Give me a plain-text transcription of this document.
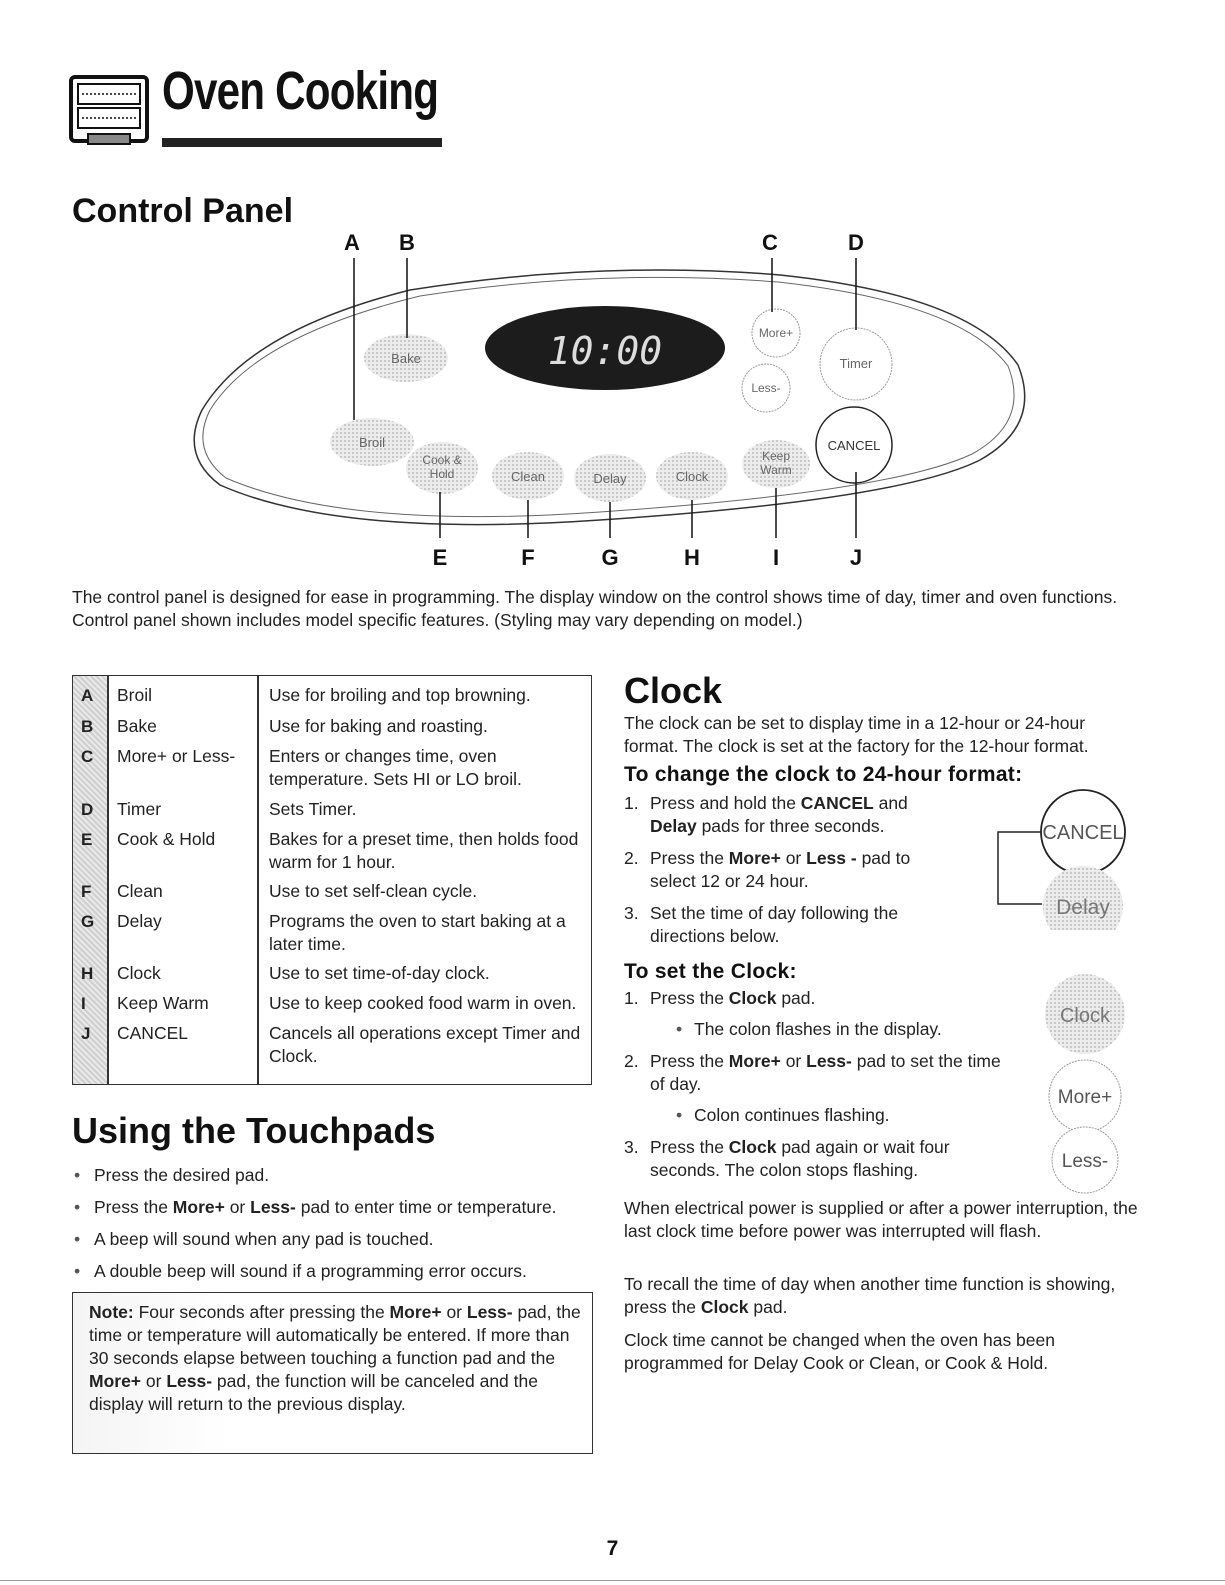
Oven Cooking
Control Panel
10:00
Bake
Broil
More+
Less-
Timer
CANCEL
Cook &
Hold	Clean	Delay	Clock
Keep
Warm
A B	C	D
E	F	G	H	I	J
The control panel is designed for ease in programming. The display window on the control shows time of day, timer and oven functions. Control panel shown includes model specific features. (Styling may vary depending on model.)
A	Broil	Use for broiling and top browning.
B	Bake	Use for baking and roasting.
C	More+ or Less-	Enters or changes time, oven temperature. Sets HI or LO broil.
D	Timer	Sets Timer.
E	Cook & Hold	Bakes for a preset time, then holds food warm for 1 hour.
F	Clean	Use to set self-clean cycle.
G	Delay	Programs the oven to start baking at a later time.
H	Clock	Use to set time-of-day clock.
I	Keep Warm	Use to keep cooked food warm in oven.
J	CANCEL	Cancels all operations except Timer and Clock.
Using the Touchpads
• Press the desired pad.
• Press the More+ or Less- pad to enter time or temperature.
• A beep will sound when any pad is touched.
• A double beep will sound if a programming error occurs.
Note: Four seconds after pressing the More+ or Less- pad, the time or temperature will automatically be entered. If more than 30 seconds elapse between touching a function pad and the More+ or Less- pad, the function will be canceled and the display will return to the previous display.
Clock
The clock can be set to display time in a 12-hour or 24-hour format. The clock is set at the factory for the 12-hour format.
To change the clock to 24-hour format:
1. Press and hold the CANCEL and Delay pads for three seconds.
2. Press the More+ or Less - pad to select 12 or 24 hour.
3. Set the time of day following the directions below.
To set the Clock:
1. Press the Clock pad.
• The colon flashes in the display.
2. Press the More+ or Less- pad to set the time of day.
• Colon continues flashing.
3. Press the Clock pad again or wait four seconds. The colon stops flashing.
When electrical power is supplied or after a power interruption, the last clock time before power was interrupted will flash.
To recall the time of day when another time function is showing, press the Clock pad.
Clock time cannot be changed when the oven has been programmed for Delay Cook or Clean, or Cook & Hold.
CANCEL
Delay
Clock
More+
Less-
7
